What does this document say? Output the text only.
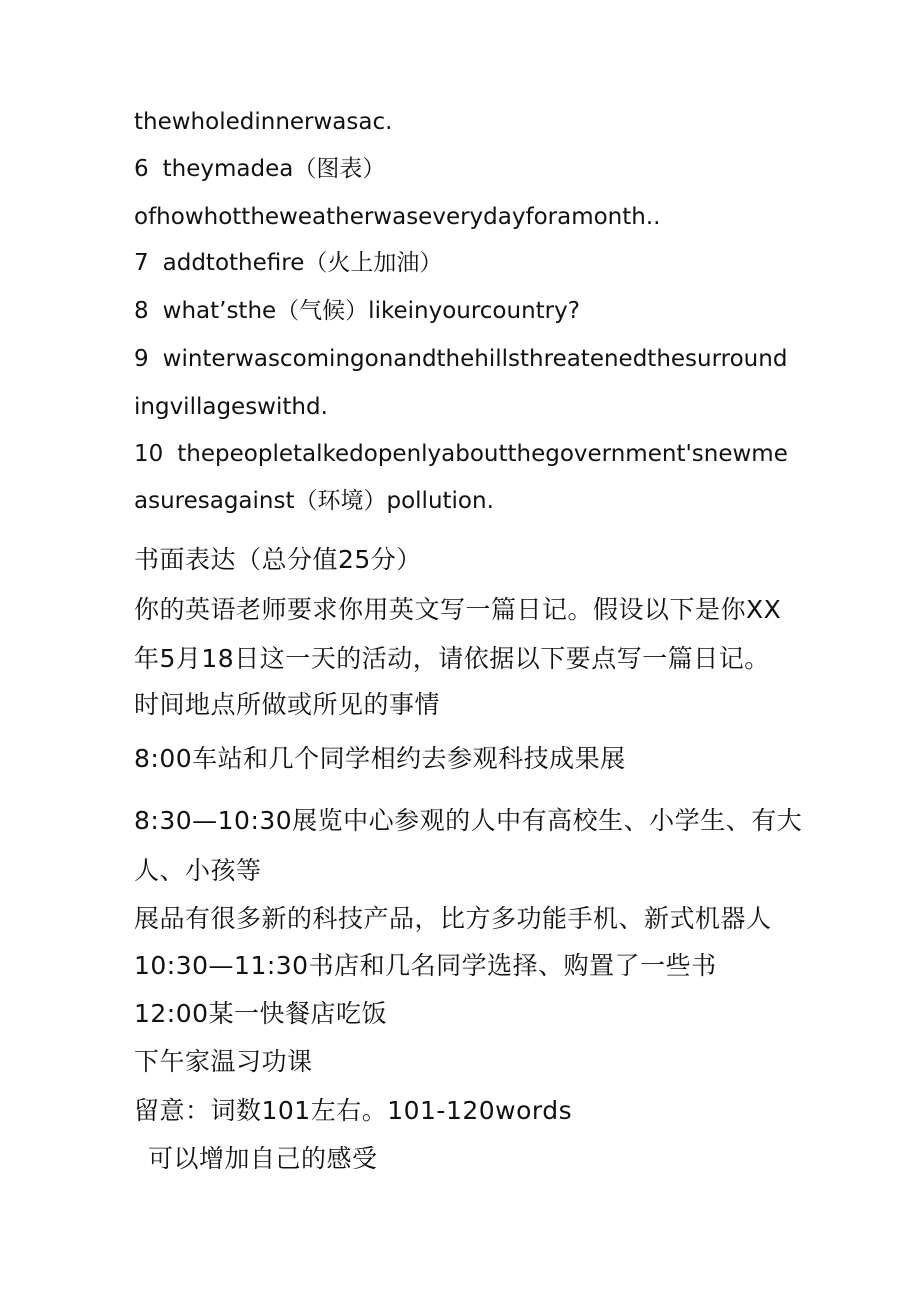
thewholedinnerwasac.
6 theymadea（图表）
ofhowhottheweatherwaseverydayforamonth..
7 addtothefire（火上加油）
8 what’sthe（气候）likeinyourcountry?
9 winterwascomingonandthehillsthreatenedthesurround
ingvillageswithd.
10 thepeopletalkedopenlyaboutthegovernment'snewme
asuresagainst（环境）pollution.
书面表达（总分值25分）
你的英语老师要求你用英文写一篇日记。假设以下是你XX
年5月18日这一天的活动，请依据以下要点写一篇日记。
时间地点所做或所见的事情
8:00车站和几个同学相约去参观科技成果展
8:30—10:30展览中心参观的人中有高校生、小学生、有大
人、小孩等
展品有很多新的科技产品，比方多功能手机、新式机器人
10:30—11:30书店和几名同学选择、购置了一些书
12:00某一快餐店吃饭
下午家温习功课
留意：词数101左右。101-120words
可以增加自己的感受
